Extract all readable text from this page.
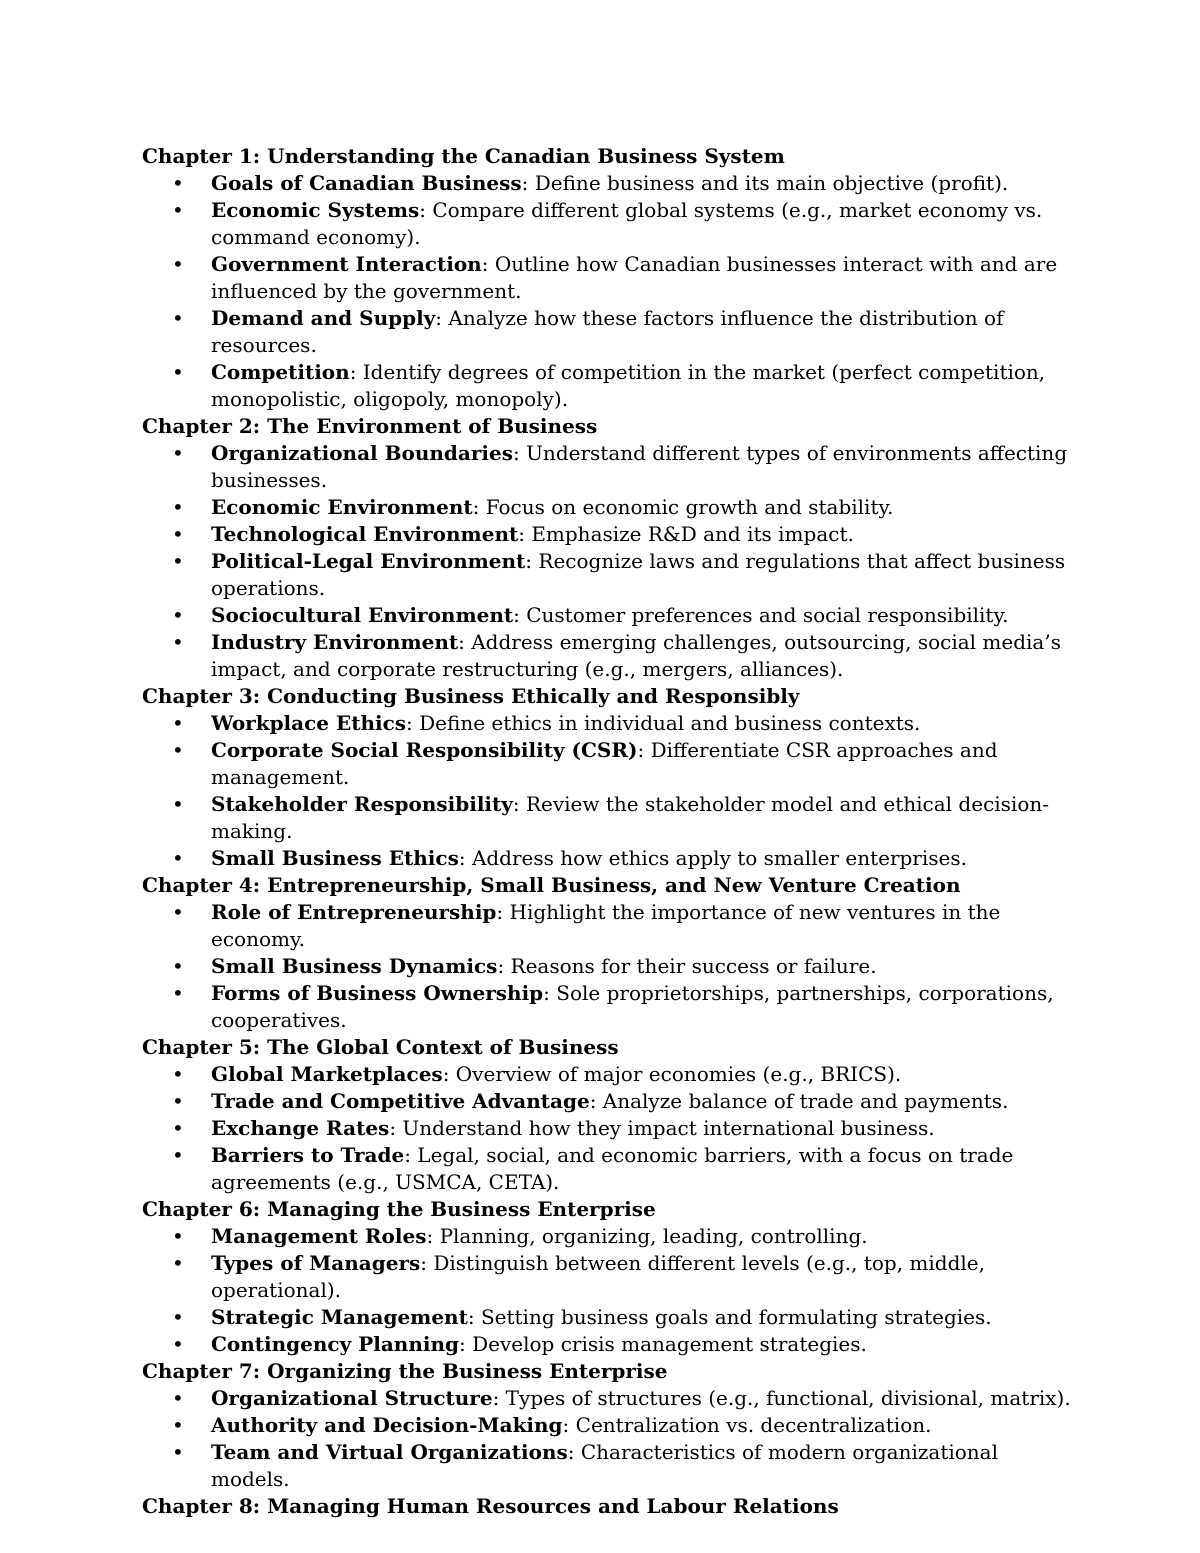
Chapter 1: Understanding the Canadian Business System
• Goals of Canadian Business: Define business and its main objective (profit).
• Economic Systems: Compare different global systems (e.g., market economy vs. command economy).
• Government Interaction: Outline how Canadian businesses interact with and are influenced by the government.
• Demand and Supply: Analyze how these factors influence the distribution of resources.
• Competition: Identify degrees of competition in the market (perfect competition, monopolistic, oligopoly, monopoly).
Chapter 2: The Environment of Business
• Organizational Boundaries: Understand different types of environments affecting businesses.
• Economic Environment: Focus on economic growth and stability.
• Technological Environment: Emphasize R&D and its impact.
• Political-Legal Environment: Recognize laws and regulations that affect business operations.
• Sociocultural Environment: Customer preferences and social responsibility.
• Industry Environment: Address emerging challenges, outsourcing, social media’s impact, and corporate restructuring (e.g., mergers, alliances).
Chapter 3: Conducting Business Ethically and Responsibly
• Workplace Ethics: Define ethics in individual and business contexts.
• Corporate Social Responsibility (CSR): Differentiate CSR approaches and management.
• Stakeholder Responsibility: Review the stakeholder model and ethical decision-making.
• Small Business Ethics: Address how ethics apply to smaller enterprises.
Chapter 4: Entrepreneurship, Small Business, and New Venture Creation
• Role of Entrepreneurship: Highlight the importance of new ventures in the economy.
• Small Business Dynamics: Reasons for their success or failure.
• Forms of Business Ownership: Sole proprietorships, partnerships, corporations, cooperatives.
Chapter 5: The Global Context of Business
• Global Marketplaces: Overview of major economies (e.g., BRICS).
• Trade and Competitive Advantage: Analyze balance of trade and payments.
• Exchange Rates: Understand how they impact international business.
• Barriers to Trade: Legal, social, and economic barriers, with a focus on trade agreements (e.g., USMCA, CETA).
Chapter 6: Managing the Business Enterprise
• Management Roles: Planning, organizing, leading, controlling.
• Types of Managers: Distinguish between different levels (e.g., top, middle, operational).
• Strategic Management: Setting business goals and formulating strategies.
• Contingency Planning: Develop crisis management strategies.
Chapter 7: Organizing the Business Enterprise
• Organizational Structure: Types of structures (e.g., functional, divisional, matrix).
• Authority and Decision-Making: Centralization vs. decentralization.
• Team and Virtual Organizations: Characteristics of modern organizational models.
Chapter 8: Managing Human Resources and Labour Relations
